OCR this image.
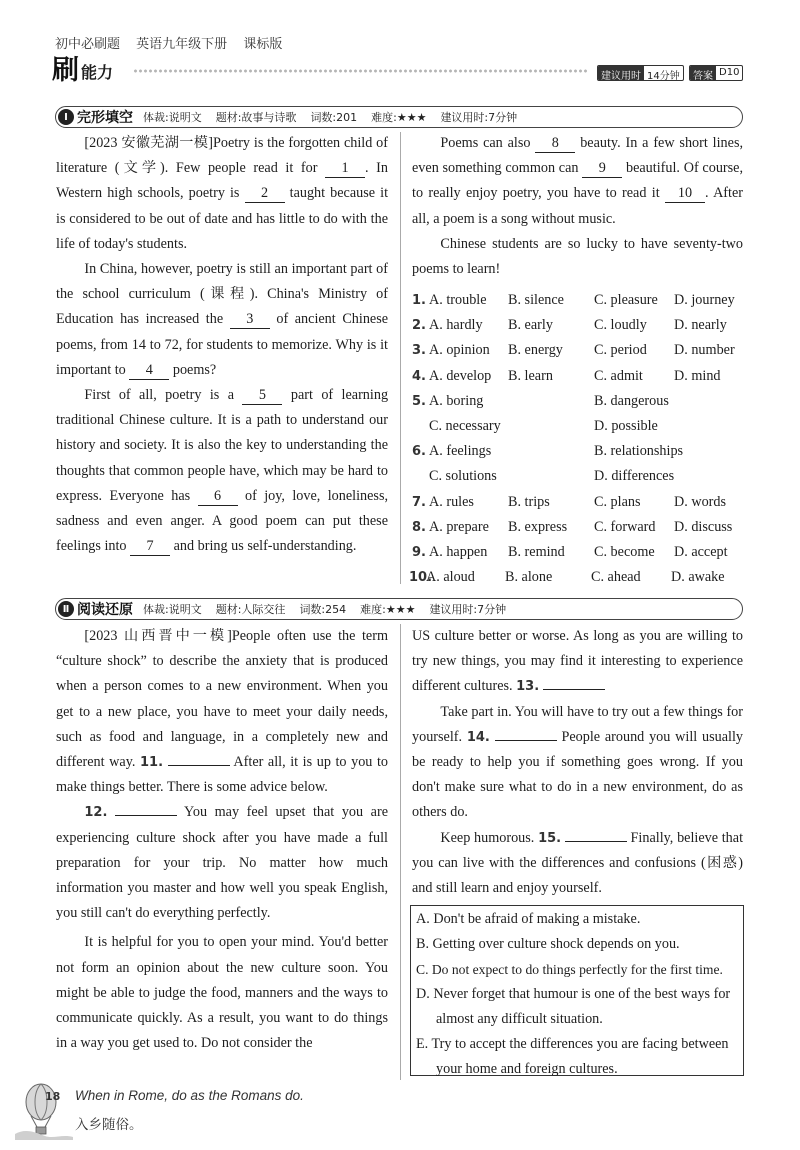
初中必刷题 英语九年级下册 课标版
刷 能力	建议用时 14分钟	答案 D10
Ⅰ 完形填空 体裁:说明文 题材:故事与诗歌 词数:201 难度:★★★ 建议用时:7分钟

[2023 安徽芜湖一模]Poetry is the forgotten child of literature (文学). Few people read it for 1 . In Western high schools, poetry is 2 taught because it is considered to be out of date and has little to do with the life of today's students.

In China, however, poetry is still an important part of the school curriculum (课程). China's Ministry of Education has increased the 3 of ancient Chinese poems, from 14 to 72, for students to memorize. Why is it important to 4 poems?

First of all, poetry is a 5 part of learning traditional Chinese culture. It is a path to understand our history and society. It is also the key to understanding the thoughts that common people have, which may be hard to express. Everyone has 6 of joy, love, loneliness, sadness and even anger. A good poem can put these feelings into 7 and bring us self-understanding.

Poems can also 8 beauty. In a few short lines, even something common can 9 beautiful. Of course, to really enjoy poetry, you have to read it 10 . After all, a poem is a song without music.

Chinese students are so lucky to have seventy-two poems to learn!

1. A. trouble	B. silence	C. pleasure	D. journey
2. A. hardly	B. early	C. loudly	D. nearly
3. A. opinion	B. energy	C. period	D. number
4. A. develop	B. learn	C. admit	D. mind
5. A. boring	B. dangerous
C. necessary	D. possible
6. A. feelings	B. relationships
C. solutions	D. differences
7. A. rules	B. trips	C. plans	D. words
8. A. prepare	B. express	C. forward	D. discuss
9. A. happen	B. remind	C. become	D. accept
10.
A. aloud	B. alone	C. ahead	D. awake
Ⅱ 阅读还原 体裁:说明文 题材:人际交往 词数:254 难度:★★★ 建议用时:7分钟

[2023 山西晋中一模]People often use the term “culture shock” to describe the anxiety that is produced when a person comes to a new environment. When you get to a new place, you have to meet your daily needs, such as food and language, in a completely new and different way. 11.	After all, it is up to you to make things better. There is some advice below.

12.	You may feel upset that you are experiencing culture shock after you have made a full preparation for your trip. No matter how much information you master and how well you speak English, you still can't do everything perfectly.

It is helpful for you to open your mind. You'd better not form an opinion about the new culture soon. You might be able to judge the food, manners and the ways to communicate quickly. As a result, you want to do things in a way you get used to. Do not consider the

US culture better or worse. As long as you are willing to try new things, you may find it interesting to experience different cultures. 13.

Take part in. You will have to try out a few things for yourself. 14.	People around you will usually be ready to help you if something goes wrong. If you don't make sure what to do in a new environment, do as others do.

Keep humorous. 15.	Finally, believe that you can live with the differences and confusions (困惑) and still learn and enjoy yourself.

A. Don't be afraid of making a mistake.
B. Getting over culture shock depends on you.
C. Do not expect to do things perfectly for the first time.
D. Never forget that humour is one of the best ways for almost any difficult situation.
E. Try to accept the differences you are facing between your home and foreign cultures.
18 When in Rome, do as the Romans do.
入乡随俗。
